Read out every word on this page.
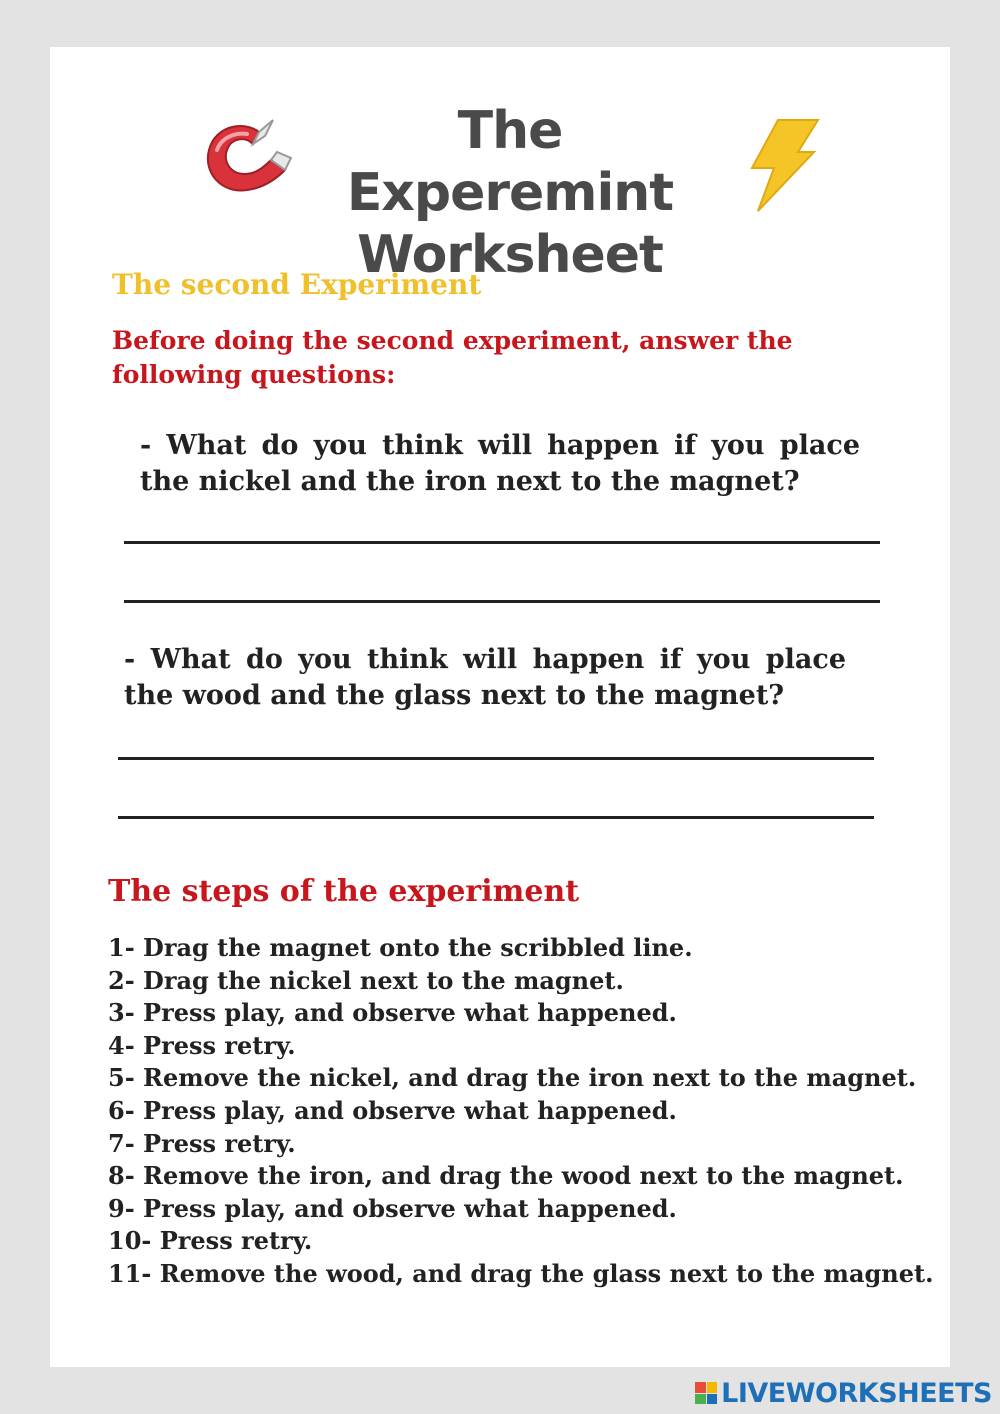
The Experemint
Worksheet
The second Experiment
Before doing the second experiment, answer the following questions:
- What do you think will happen if you place the nickel and the iron next to the magnet?
- What do you think will happen if you place the wood and the glass next to the magnet?
The steps of the experiment
1- Drag the magnet onto the scribbled line.
2- Drag the nickel next to the magnet.
3- Press play, and observe what happened.
4- Press retry.
5- Remove the nickel, and drag the iron next to the magnet.
6- Press play, and observe what happened.
7- Press retry.
8- Remove the iron, and drag the wood next to the magnet.
9- Press play, and observe what happened.
10- Press retry.
11- Remove the wood, and drag the glass next to the magnet.
LIVEWORKSHEETS
